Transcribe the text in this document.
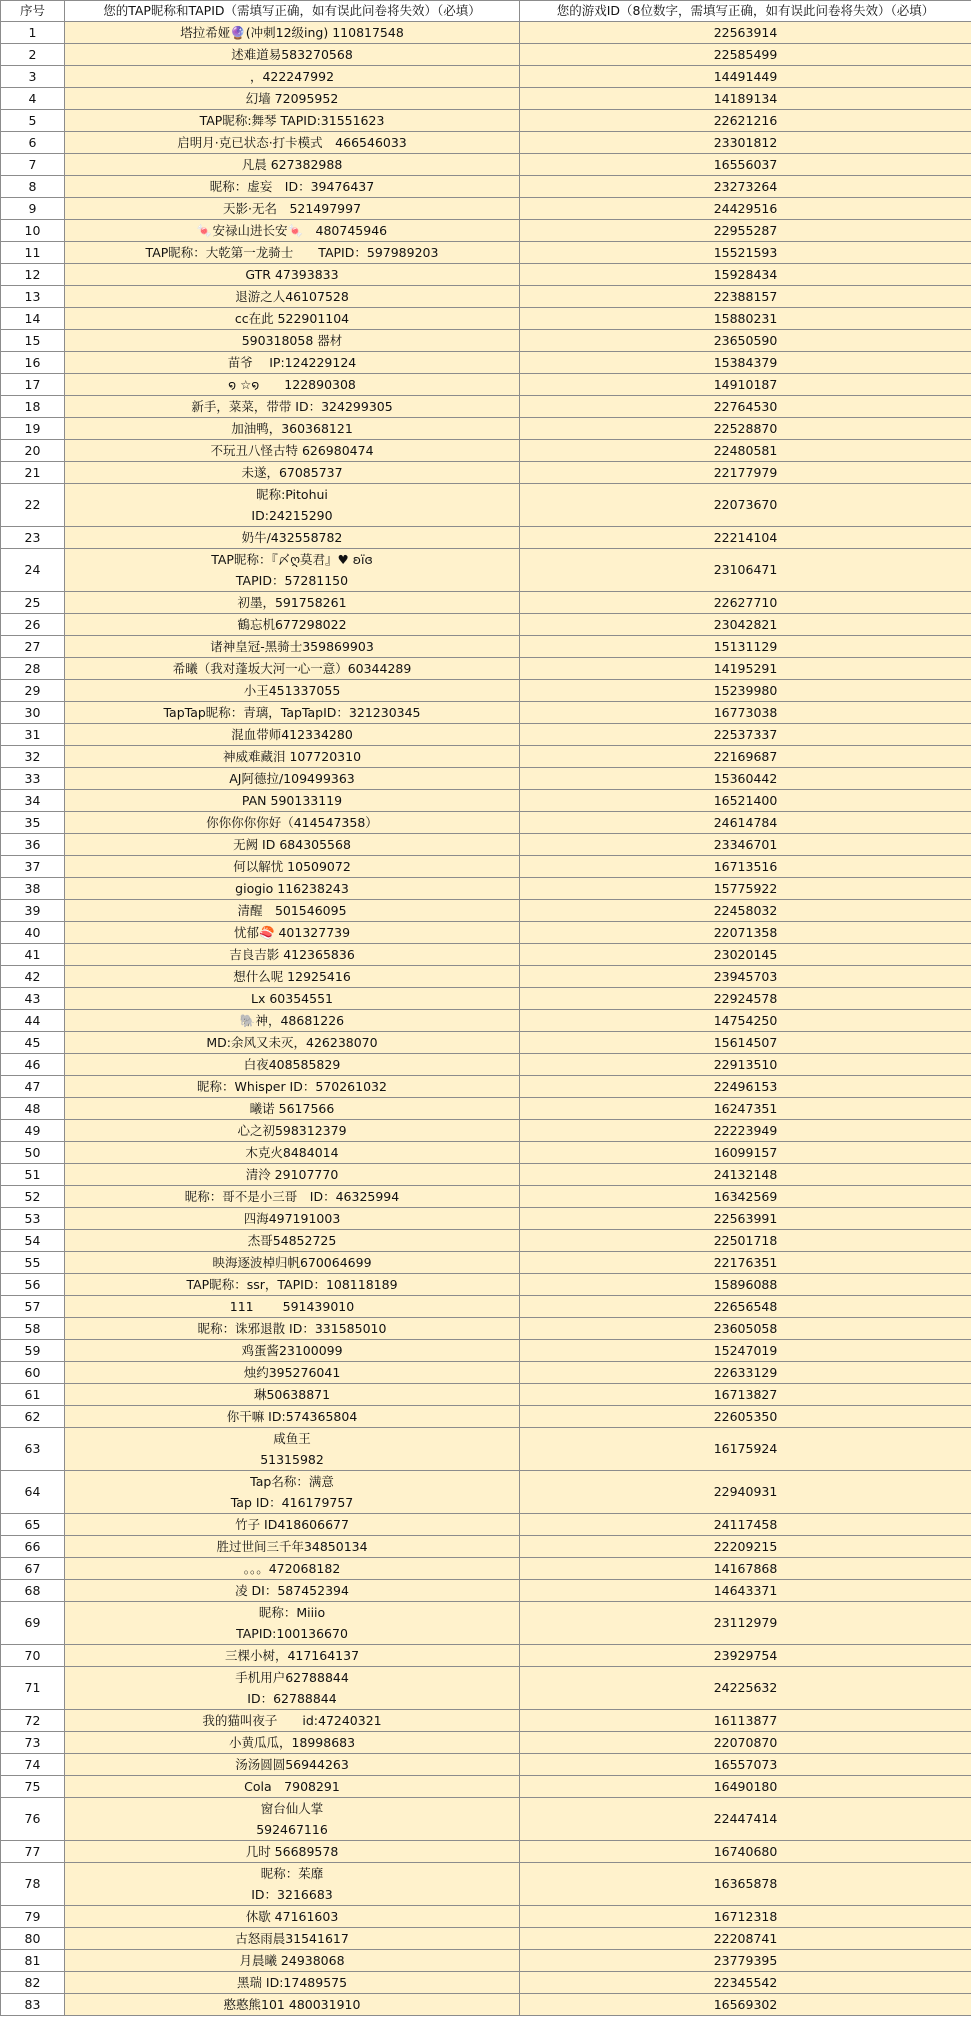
序号	您的TAP昵称和TAPID（需填写正确，如有误此问卷将失效）（必填）	您的游戏ID（8位数字，需填写正确，如有误此问卷将失效）（必填）
1	塔拉希娅🔮(冲刺12级ing) 110817548	22563914
2	述难道易583270568	22585499
3	，422247992	14491449
4	幻墙 72095952	14189134
5	TAP昵称:舞琴 TAPID:31551623	22621216
6	启明月·克已状态·打卡模式　466546033	23301812
7	凡晨 627382988	16556037
8	昵称：虚妄　ID：39476437	23273264
9	天影·无名　521497997	24429516
10	🍬安禄山进长安🍬　480745946	22955287
11	TAP昵称：大乾第一龙骑士　　TAPID：597989203	15521593
12	GTR 47393833	15928434
13	退游之人46107528	22388157
14	cc在此 522901104	15880231
15	590318058 器材	23650590
16	苗爷　 IP:124229124	15384379
17	໑ ☆໑　　122890308	14910187
18	新手，菜菜，带带 ID：324299305	22764530
19	加油鸭，360368121	22528870
20	不玩丑八怪古特 626980474	22480581
21	未遂，67085737	22177979
22	昵称:Pitohui
ID:24215290	22073670
23	奶牛/432558782	22214104
24	TAP昵称：『〆ღ莫君』♥ ʚïɞ
TAPID：57281150	23106471
25	初墨，591758261	22627710
26	鶴忘机677298022	23042821
27	诸神皇冠-黑骑士359869903	15131129
28	希曦（我对蓬坂大河一心一意）60344289	14195291
29	小王451337055	15239980
30	TapTap昵称：青璃，TapTapID：321230345	16773038
31	混血带师412334280	22537337
32	神威难藏泪 107720310	22169687
33	AJ阿德拉/109499363	15360442
34	PAN 590133119	16521400
35	你你你你你好（414547358）	24614784
36	无阙 ID 684305568	23346701
37	何以解忧 10509072	16713516
38	giogio 116238243	15775922
39	清醒　501546095	22458032
40	忧郁🍣 401327739	22071358
41	吉良吉影 412365836	23020145
42	想什么呢 12925416	23945703
43	Lx 60354551	22924578
44	🐘神，48681226	14754250
45	MD:余风又未灭，426238070	15614507
46	白夜408585829	22913510
47	昵称：Whisper ID：570261032	22496153
48	曦诺 5617566	16247351
49	心之初598312379	22223949
50	木克火8484014	16099157
51	清泠 29107770	24132148
52	昵称：哥不是小三哥　ID：46325994	16342569
53	四海497191003	22563991
54	杰哥54852725	22501718
55	映海逐波棹归帆670064699	22176351
56	TAP昵称：ssr，TAPID：108118189	15896088
57	111　　 591439010	22656548
58	昵称：诛邪退散 ID：331585010	23605058
59	鸡蛋酱23100099	15247019
60	烛约395276041	22633129
61	琳50638871	16713827
62	你干嘛 ID:574365804	22605350
63	咸鱼王
51315982	16175924
64	Tap名称：满意
Tap ID：416179757	22940931
65	竹子 ID418606677	24117458
66	胜过世间三千年34850134	22209215
67	。。。472068182	14167868
68	凌 DI：587452394	14643371
69	昵称：Miiio
TAPID:100136670	23112979
70	三棵小树，417164137	23929754
71	手机用户62788844
ID：62788844	24225632
72	我的猫叫夜子　　id:47240321	16113877
73	小黄瓜瓜，18998683	22070870
74	汤汤圆圆56944263	16557073
75	Cola　7908291	16490180
76	窗台仙人掌
592467116	22447414
77	几时 56689578	16740680
78	昵称：茱靡
ID：3216683	16365878
79	休歇 47161603	16712318
80	古怒雨晨31541617	22208741
81	月晨曦 24938068	23779395
82	黑瑞 ID:17489575	22345542
83	憨憨熊101 480031910	16569302
